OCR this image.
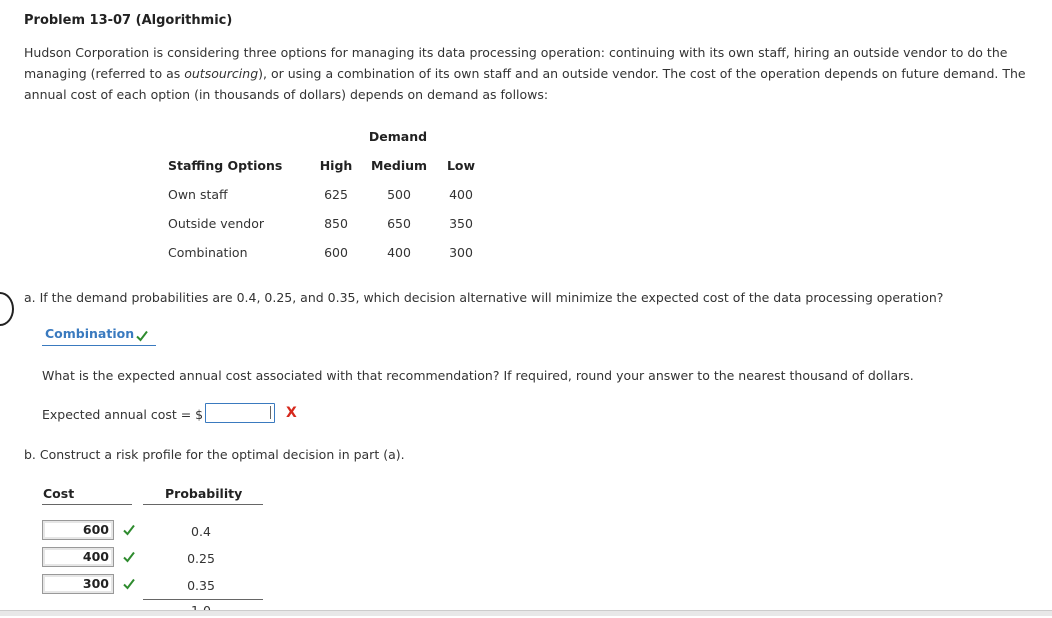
Problem 13-07 (Algorithmic)
Hudson Corporation is considering three options for managing its data processing operation: continuing with its own staff, hiring an outside vendor to do the managing (referred to as outsourcing), or using a combination of its own staff and an outside vendor. The cost of the operation depends on future demand. The annual cost of each option (in thousands of dollars) depends on demand as follows:
Demand
Staffing Options	High	Medium	Low
Own staff	625	500	400
Outside vendor	850	650	350
Combination	600	400	300
a. If the demand probabilities are 0.4, 0.25, and 0.35, which decision alternative will minimize the expected cost of the data processing operation?
Combination
What is the expected annual cost associated with that recommendation? If required, round your answer to the nearest thousand of dollars.
Expected annual cost = $	X
b. Construct a risk profile for the optimal decision in part (a).
Cost	Probability
600	0.4
400	0.25
300	0.35
